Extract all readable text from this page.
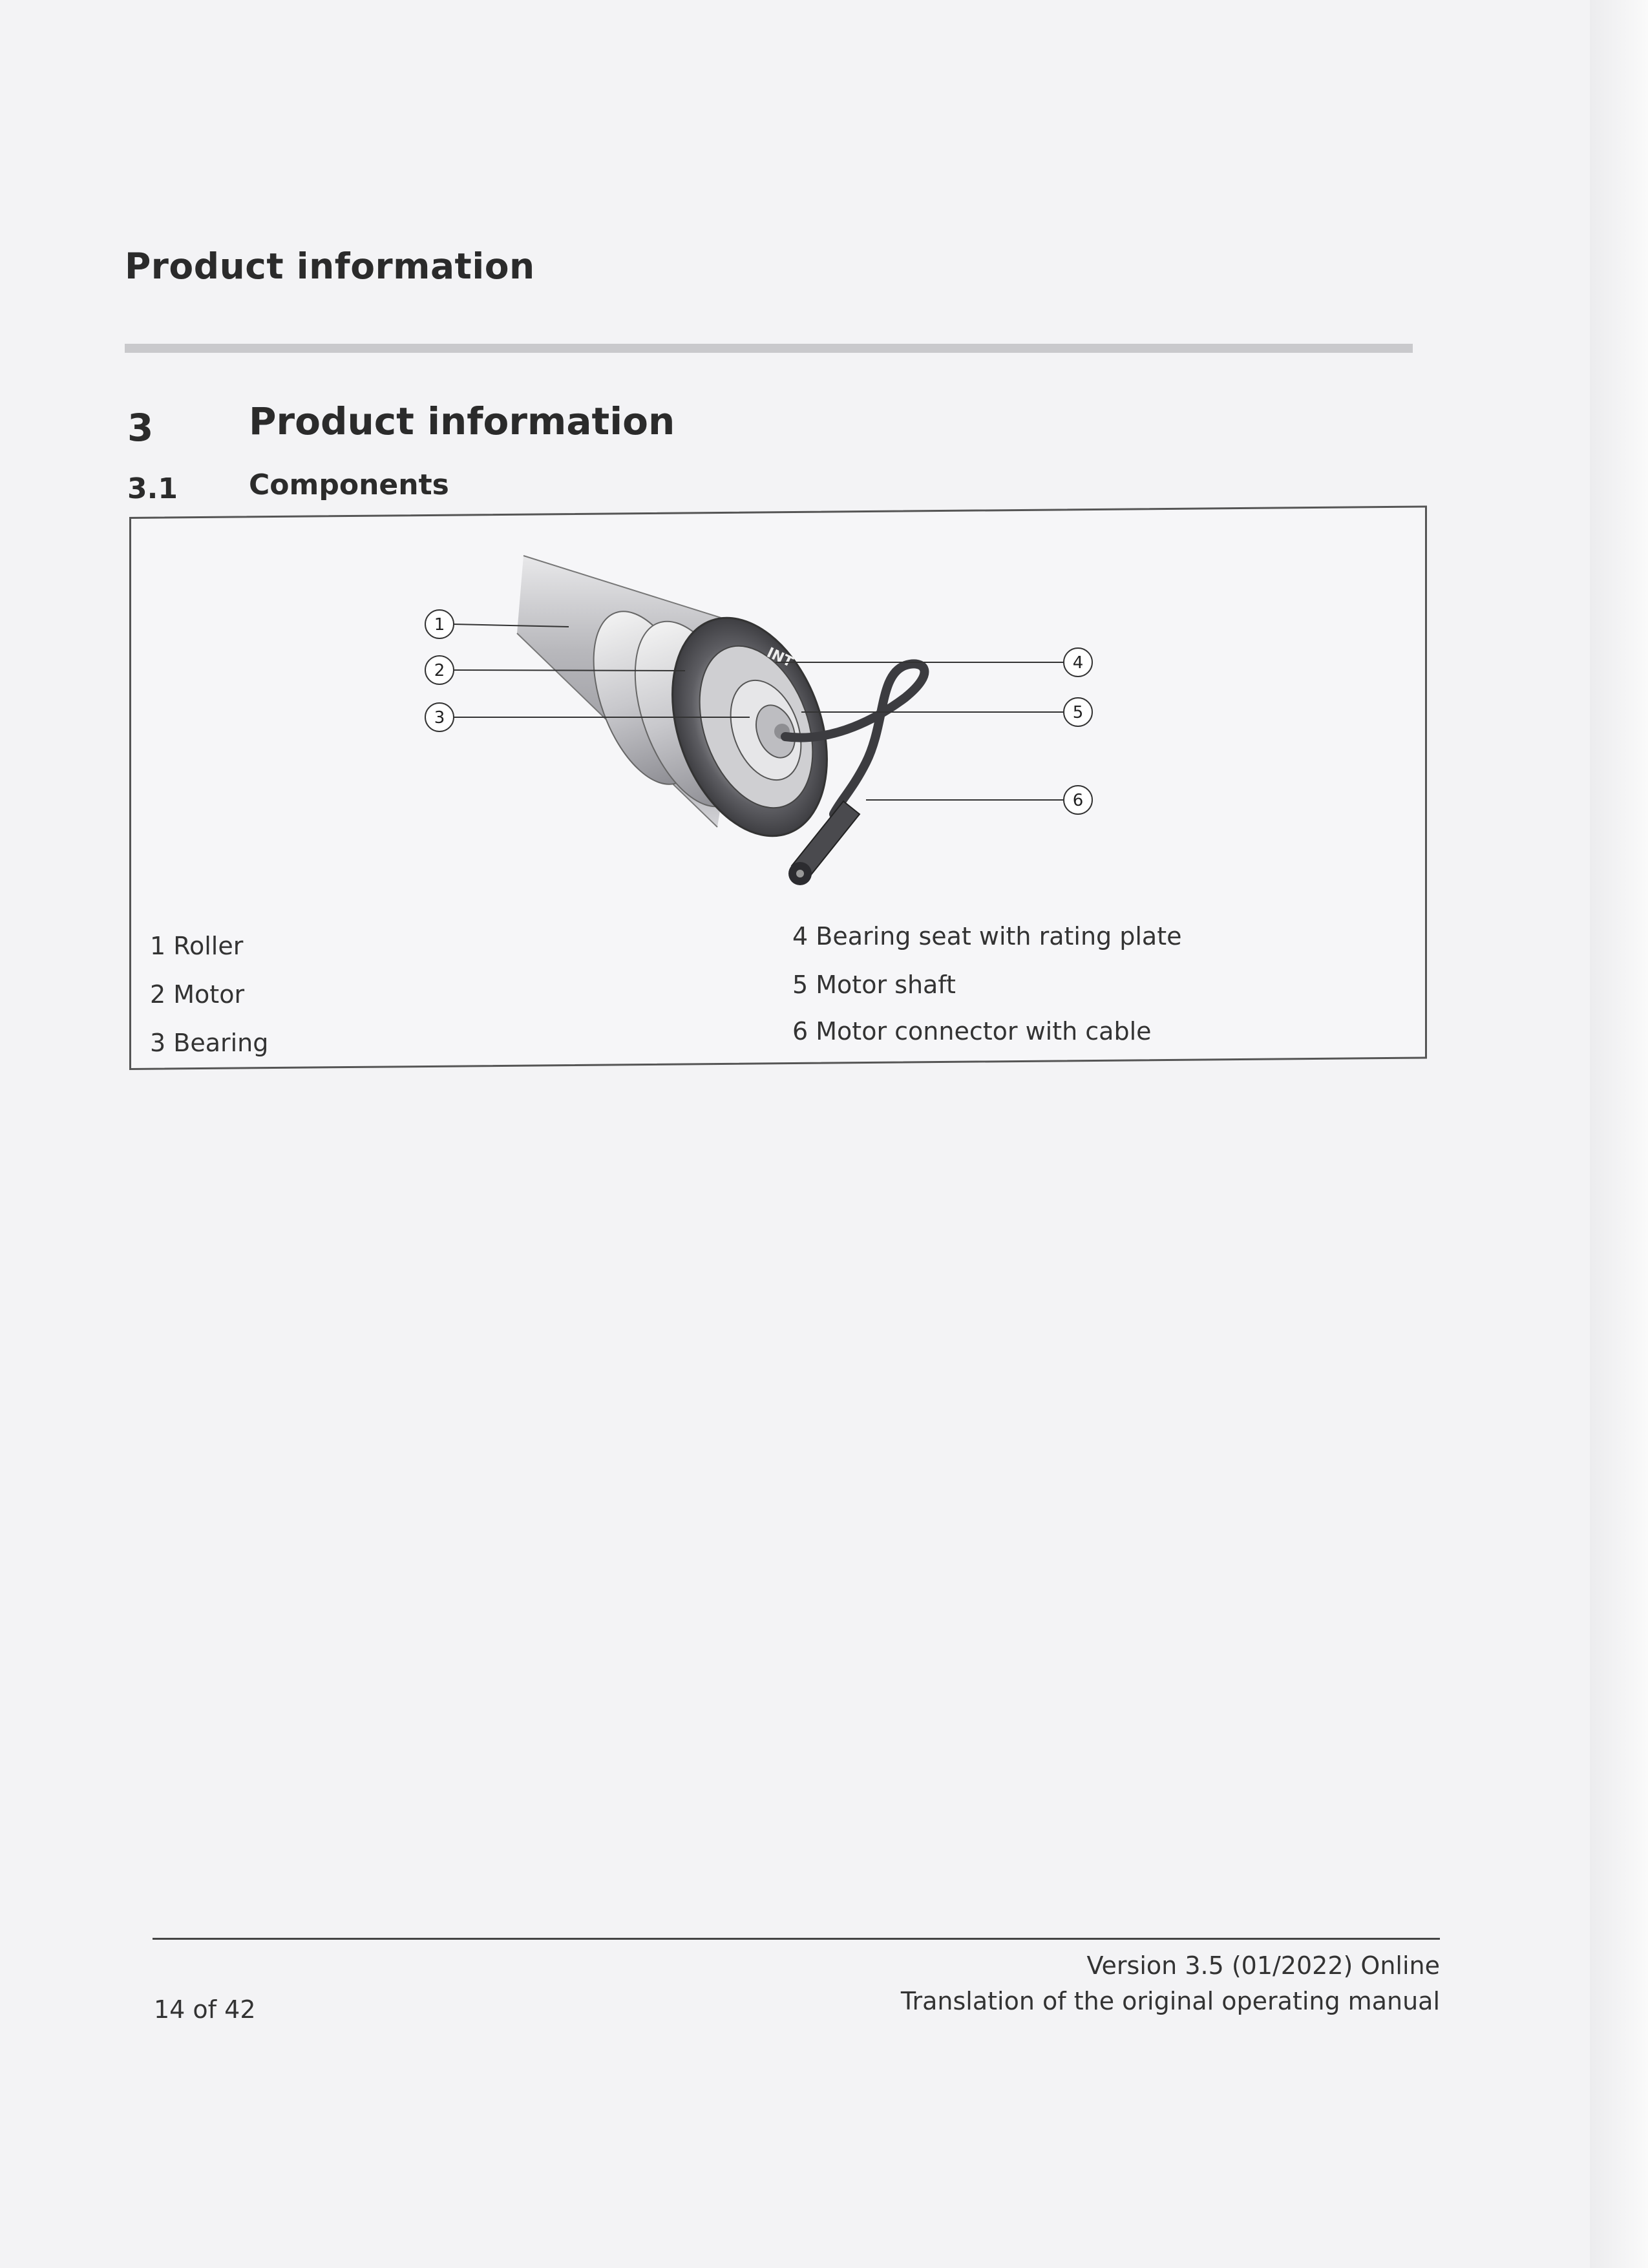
Product information
3	Product information
3.1	Components
INT
1
2
3
4
5
6
1 Roller
2 Motor
3 Bearing
4 Bearing seat with rating plate
5 Motor shaft
6 Motor connector with cable
14 of 42
Version 3.5 (01/2022) Online
Translation of the original operating manual
